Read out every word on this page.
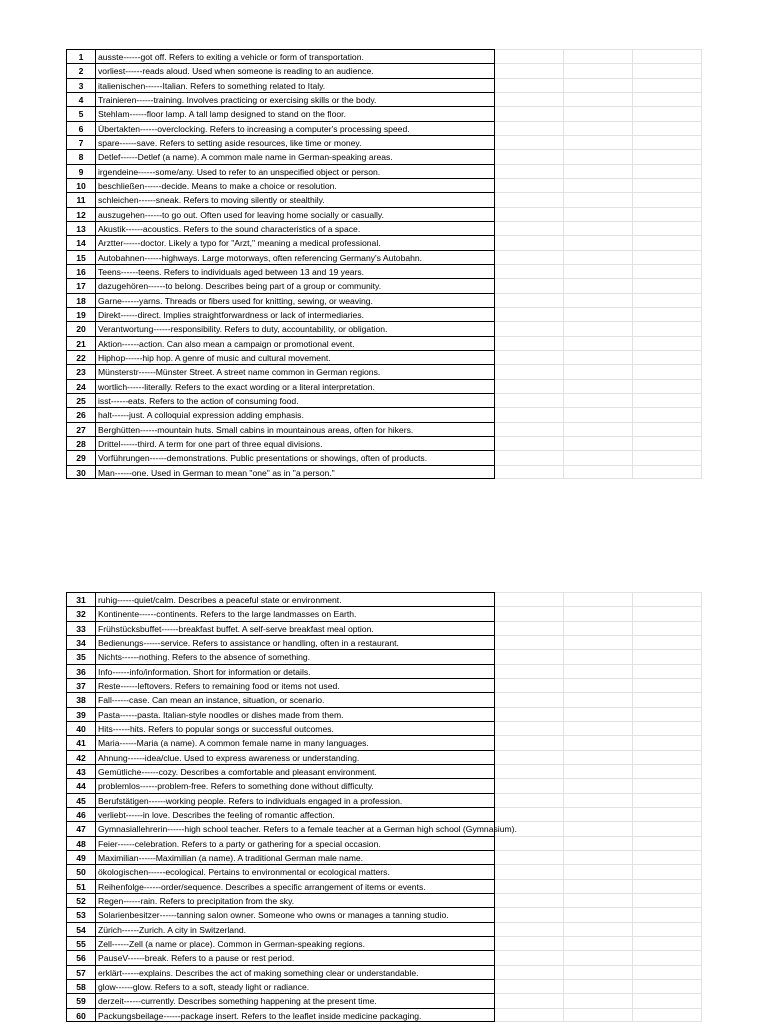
1	ausste------got off. Refers to exiting a vehicle or form of transportation.
2	vorliest------reads aloud. Used when someone is reading to an audience.
3	italienischen------Italian. Refers to something related to Italy.
4	Trainieren------training. Involves practicing or exercising skills or the body.
5	Stehlam------floor lamp. A tall lamp designed to stand on the floor.
6	Übertakten------overclocking. Refers to increasing a computer's processing speed.
7	spare------save. Refers to setting aside resources, like time or money.
8	Detlef------Detlef (a name). A common male name in German-speaking areas.
9	irgendeine------some/any. Used to refer to an unspecified object or person.
10	beschließen------decide. Means to make a choice or resolution.
11	schleichen------sneak. Refers to moving silently or stealthily.
12	auszugehen------to go out. Often used for leaving home socially or casually.
13	Akustik------acoustics. Refers to the sound characteristics of a space.
14	Arztter------doctor. Likely a typo for "Arzt," meaning a medical professional.
15	Autobahnen------highways. Large motorways, often referencing Germany's Autobahn.
16	Teens------teens. Refers to individuals aged between 13 and 19 years.
17	dazugehören------to belong. Describes being part of a group or community.
18	Garne------yarns. Threads or fibers used for knitting, sewing, or weaving.
19	Direkt------direct. Implies straightforwardness or lack of intermediaries.
20	Verantwortung------responsibility. Refers to duty, accountability, or obligation.
21	Aktion------action. Can also mean a campaign or promotional event.
22	Hiphop------hip hop. A genre of music and cultural movement.
23	Münsterstr------Münster Street. A street name common in German regions.
24	wortlich------literally. Refers to the exact wording or a literal interpretation.
25	isst------eats. Refers to the action of consuming food.
26	halt------just. A colloquial expression adding emphasis.
27	Berghütten------mountain huts. Small cabins in mountainous areas, often for hikers.
28	Drittel------third. A term for one part of three equal divisions.
29	Vorführungen------demonstrations. Public presentations or showings, often of products.
30	Man------one. Used in German to mean "one" as in "a person."
31	ruhig------quiet/calm. Describes a peaceful state or environment.
32	Kontinente------continents. Refers to the large landmasses on Earth.
33	Frühstücksbuffet------breakfast buffet. A self-serve breakfast meal option.
34	Bedienungs------service. Refers to assistance or handling, often in a restaurant.
35	Nichts------nothing. Refers to the absence of something.
36	Info------info/information. Short for information or details.
37	Reste------leftovers. Refers to remaining food or items not used.
38	Fall------case. Can mean an instance, situation, or scenario.
39	Pasta------pasta. Italian-style noodles or dishes made from them.
40	Hits------hits. Refers to popular songs or successful outcomes.
41	Maria------Maria (a name). A common female name in many languages.
42	Ahnung------idea/clue. Used to express awareness or understanding.
43	Gemütliche------cozy. Describes a comfortable and pleasant environment.
44	problemlos------problem-free. Refers to something done without difficulty.
45	Berufstätigen------working people. Refers to individuals engaged in a profession.
46	verliebt------in love. Describes the feeling of romantic affection.
47	Gymnasiallehrerin------high school teacher. Refers to a female teacher at a German high school (Gymnasium).
48	Feier------celebration. Refers to a party or gathering for a special occasion.
49	Maximilian------Maximilian (a name). A traditional German male name.
50	ökologischen------ecological. Pertains to environmental or ecological matters.
51	Reihenfolge------order/sequence. Describes a specific arrangement of items or events.
52	Regen------rain. Refers to precipitation from the sky.
53	Solarienbesitzer------tanning salon owner. Someone who owns or manages a tanning studio.
54	Zürich------Zurich. A city in Switzerland.
55	Zell------Zell (a name or place). Common in German-speaking regions.
56	PauseV------break. Refers to a pause or rest period.
57	erklärt------explains. Describes the act of making something clear or understandable.
58	glow------glow. Refers to a soft, steady light or radiance.
59	derzeit------currently. Describes something happening at the present time.
60	Packungsbeilage------package insert. Refers to the leaflet inside medicine packaging.
